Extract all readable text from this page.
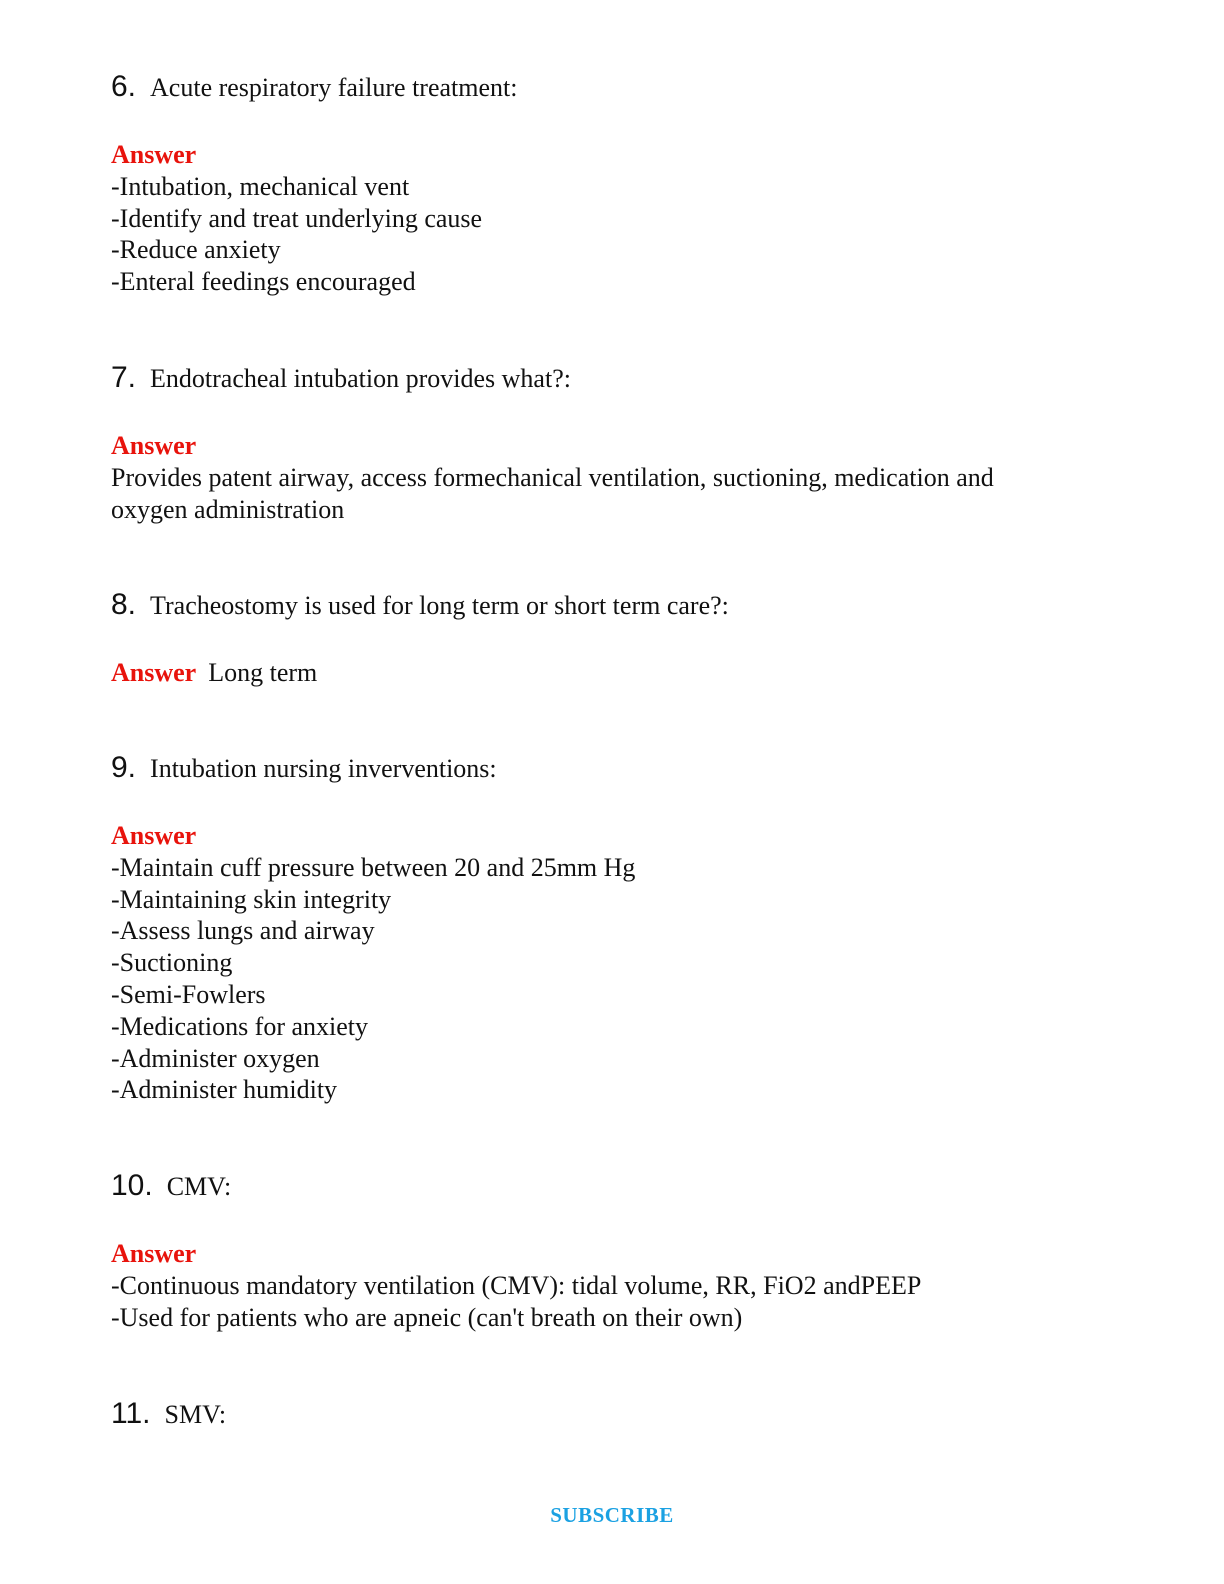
6. Acute respiratory failure treatment:
Answer
-Intubation, mechanical vent
-Identify and treat underlying cause
-Reduce anxiety
-Enteral feedings encouraged
7. Endotracheal intubation provides what?:
Answer
Provides patent airway, access formechanical ventilation, suctioning, medication and oxygen administration
8. Tracheostomy is used for long term or short term care?:
Answer Long term
9. Intubation nursing inverventions:
Answer
-Maintain cuff pressure between 20 and 25mm Hg
-Maintaining skin integrity
-Assess lungs and airway
-Suctioning
-Semi-Fowlers
-Medications for anxiety
-Administer oxygen
-Administer humidity
10. CMV:
Answer
-Continuous mandatory ventilation (CMV): tidal volume, RR, FiO2 andPEEP
-Used for patients who are apneic (can't breath on their own)
11. SMV:
SUBSCRIBE
